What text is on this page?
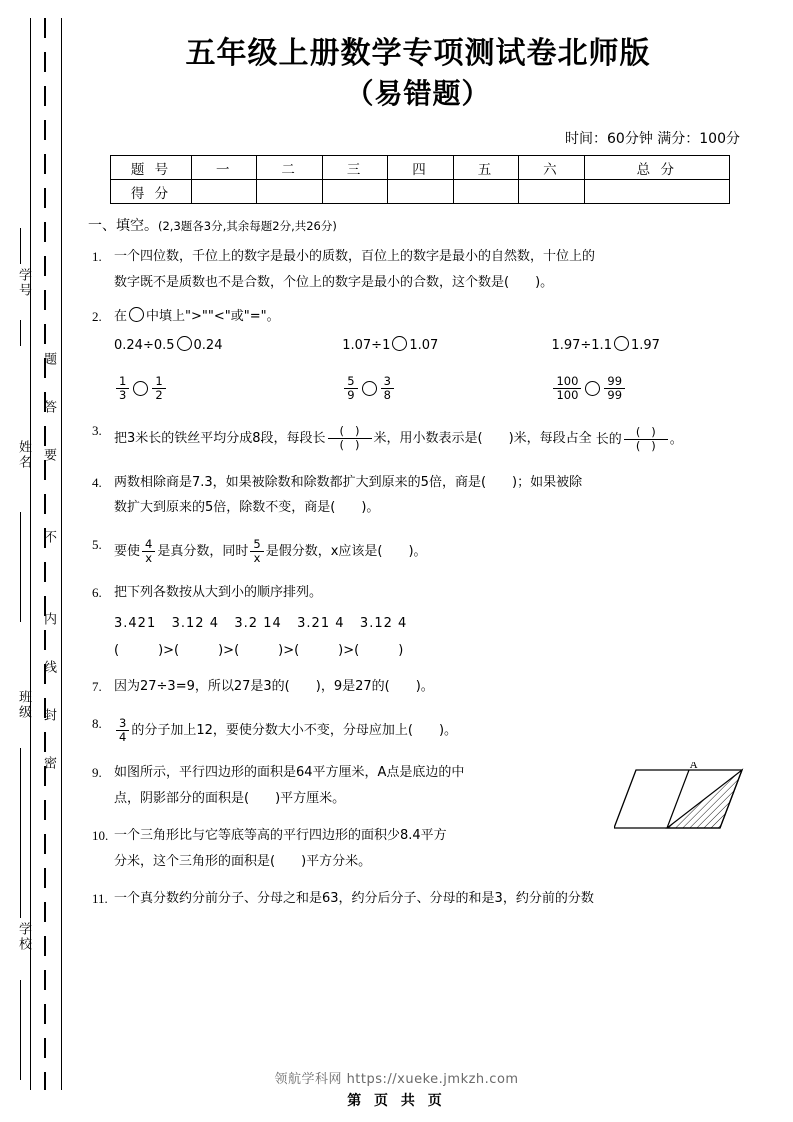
学号
题
答
要
不
内
线
封
密
姓名
班级
学校
五年级上册数学专项测试卷北师版
（易错题）
时间：60分钟 满分：100分
题 号	一	二	三	四	五	六	总 分
得 分							
一、填空。(2,3题各3分,其余每题2分,共26分)
1. 一个四位数，千位上的数字是最小的质数，百位上的数字是最小的自然数，十位上的
数字既不是质数也不是合数，个位上的数字是最小的合数，这个数是(　　)。
2. 在 中填上">""<"或"="。
0.24÷0.5 0.24	1.07÷1 1.07	1.97÷1.1 1.97
$\frac{1}{3} \frac{1}{2}$	$\frac{5}{9} \frac{3}{8}$	$\frac{100}{100} \frac{99}{99}$
3.
把3米长的铁丝平均分成8段，每段长 $\frac{( )}{( )}$ 米，用小数表示是(　　)米，每段占全
长的 $\frac{( )}{( )}$ 。
4. 两数相除商是7.3，如果被除数和除数都扩大到原来的5倍，商是(　　)；如果被除
数扩大到原来的5倍，除数不变，商是(　　)。
5. 要使 $\frac{4}{x}$ 是真分数，同时 $\frac{5}{x}$ 是假分数，x应该是(　　)。
6. 把下列各数按从大到小的顺序排列。
3.421 3.12 4 3.2 14 3.21 4 3.12 4
(　　　)>(　　　)>(　　　)>(　　　)>(　　　)
7. 因为27÷3=9，所以27是3的(　　)，9是27的(　　)。
8. $\frac{3}{4}$ 的分子加上12，要使分数大小不变，分母应加上(　　)。
9. 如图所示，平行四边形的面积是64平方厘米，A点是底边的中
点，阴影部分的面积是(　　)平方厘米。
A
10. 一个三角形比与它等底等高的平行四边形的面积少8.4平方
分米，这个三角形的面积是(　　)平方分米。
11. 一个真分数约分前分子、分母之和是63，约分后分子、分母的和是3，约分前的分数
领航学科网 https://xueke.jmkzh.com
第 页 共 页
